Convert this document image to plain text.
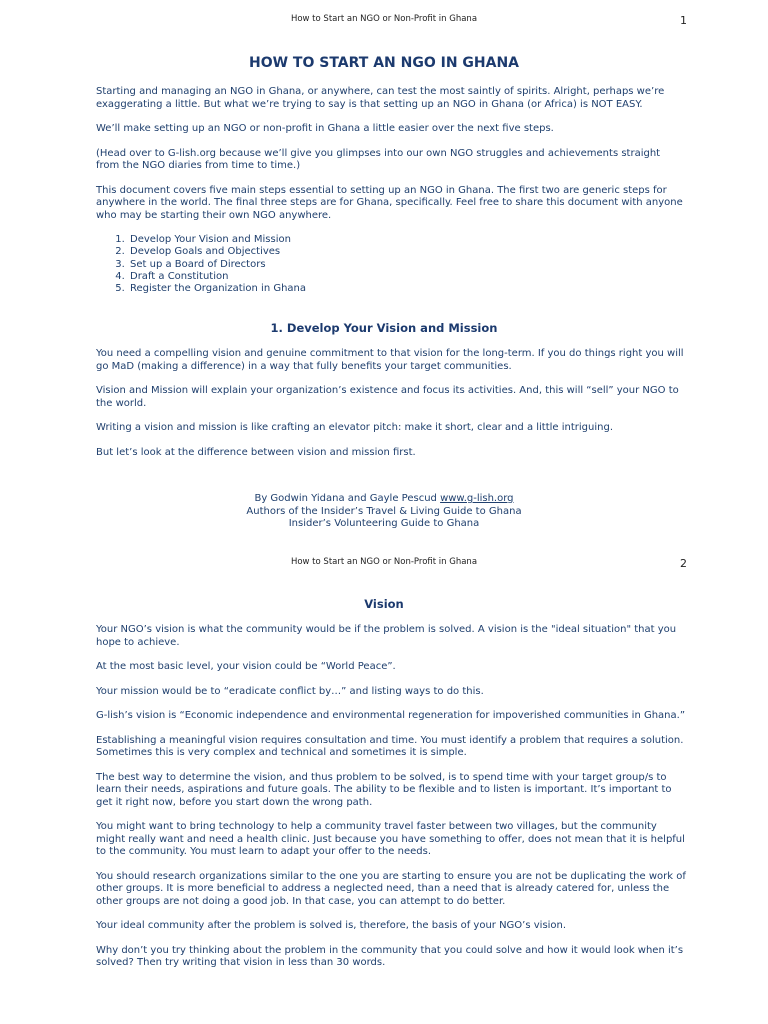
How to Start an NGO or Non-Profit in Ghana	1
HOW TO START AN NGO IN GHANA

Starting and managing an NGO in Ghana, or anywhere, can test the most saintly of spirits. Alright, perhaps we’re exaggerating a little. But what we’re trying to say is that setting up an NGO in Ghana (or Africa) is NOT EASY.

We’ll make setting up an NGO or non-profit in Ghana a little easier over the next five steps.

(Head over to G-lish.org because we’ll give you glimpses into our own NGO struggles and achievements straight from the NGO diaries from time to time.)

This document covers five main steps essential to setting up an NGO in Ghana. The first two are generic steps for anywhere in the world. The final three steps are for Ghana, specifically. Feel free to share this document with anyone who may be starting their own NGO anywhere.

1. Develop Your Vision and Mission
2. Develop Goals and Objectives
3. Set up a Board of Directors
4. Draft a Constitution
5. Register the Organization in Ghana
1. Develop Your Vision and Mission

You need a compelling vision and genuine commitment to that vision for the long-term. If you do things right you will go MaD (making a difference) in a way that fully benefits your target communities.

Vision and Mission will explain your organization’s existence and focus its activities. And, this will “sell” your NGO to the world.

Writing a vision and mission is like crafting an elevator pitch: make it short, clear and a little intriguing.

But let’s look at the difference between vision and mission first.

By Godwin Yidana and Gayle Pescud www.g-lish.org
Authors of the Insider’s Travel & Living Guide to Ghana
Insider’s Volunteering Guide to Ghana
How to Start an NGO or Non-Profit in Ghana	2
Vision

Your NGO’s vision is what the community would be if the problem is solved. A vision is the "ideal situation" that you hope to achieve.

At the most basic level, your vision could be “World Peace”.

Your mission would be to “eradicate conflict by…” and listing ways to do this.

G-lish’s vision is “Economic independence and environmental regeneration for impoverished communities in Ghana.”

Establishing a meaningful vision requires consultation and time. You must identify a problem that requires a solution. Sometimes this is very complex and technical and sometimes it is simple.

The best way to determine the vision, and thus problem to be solved, is to spend time with your target group/s to learn their needs, aspirations and future goals. The ability to be flexible and to listen is important. It’s important to get it right now, before you start down the wrong path.

You might want to bring technology to help a community travel faster between two villages, but the community might really want and need a health clinic. Just because you have something to offer, does not mean that it is helpful to the community. You must learn to adapt your offer to the needs.

You should research organizations similar to the one you are starting to ensure you are not be duplicating the work of other groups. It is more beneficial to address a neglected need, than a need that is already catered for, unless the other groups are not doing a good job. In that case, you can attempt to do better.

Your ideal community after the problem is solved is, therefore, the basis of your NGO’s vision.

Why don’t you try thinking about the problem in the community that you could solve and how it would look when it’s solved? Then try writing that vision in less than 30 words.
